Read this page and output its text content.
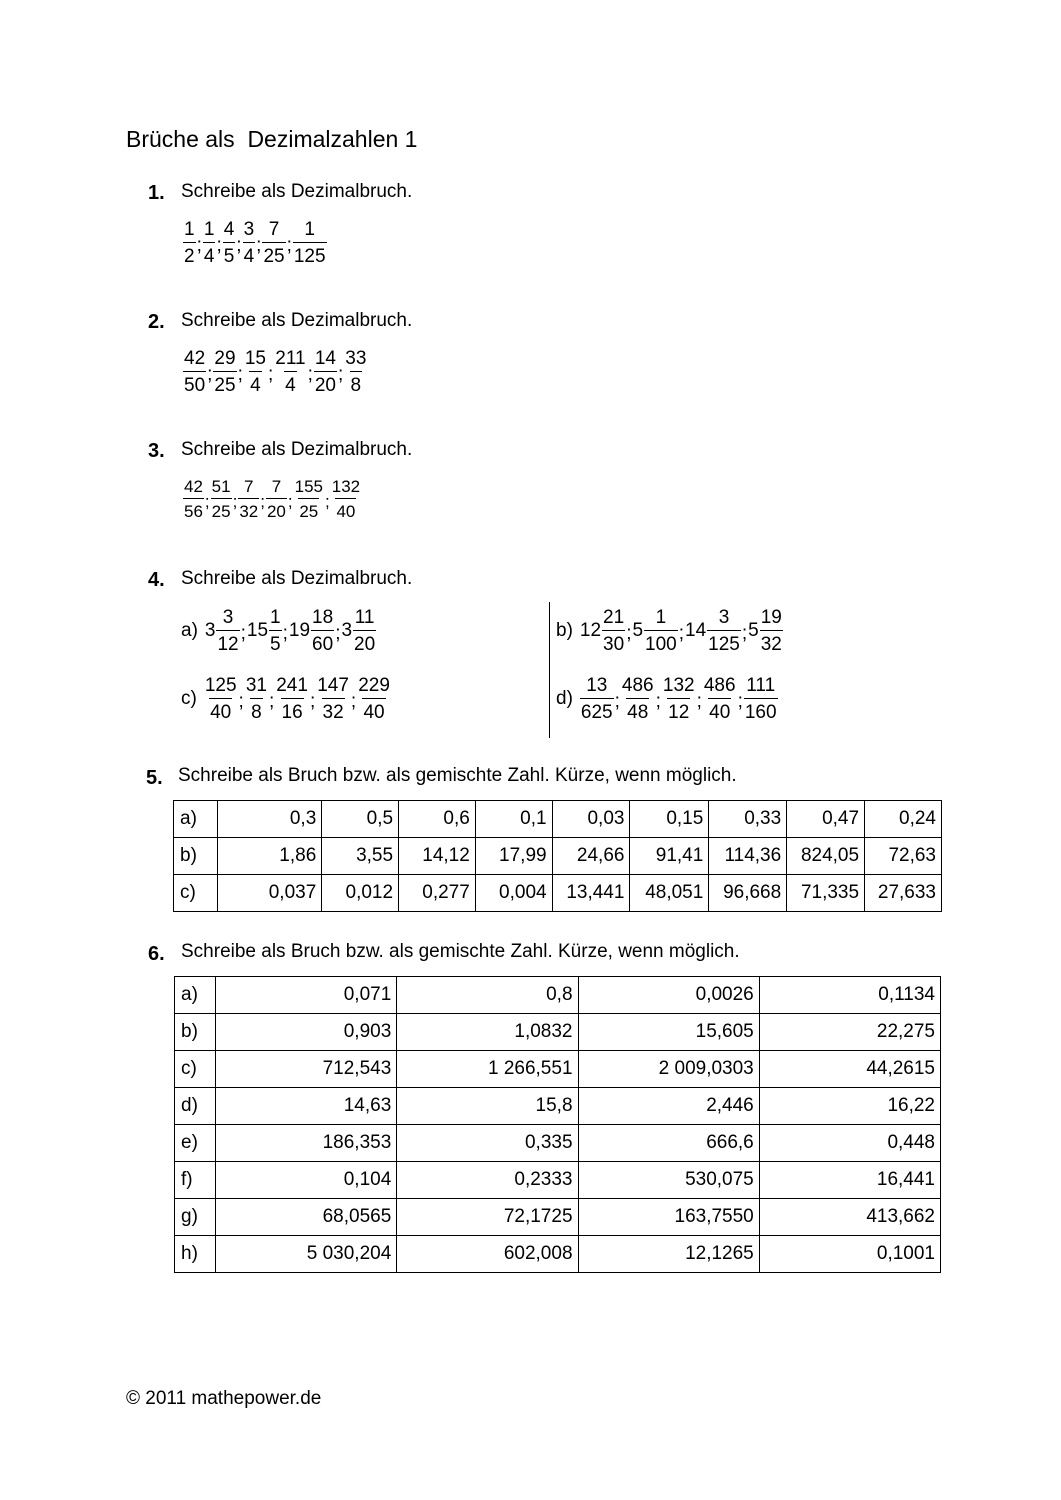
Brüche als  Dezimalzahlen 1
1. Schreibe als Dezimalbruch.
$\frac{1}{2}$ ; $\frac{1}{4}$ ; $\frac{4}{5}$ ; $\frac{3}{4}$ ; $\frac{7}{25}$ ; $\frac{1}{125}$
2. Schreibe als Dezimalbruch.
$\frac{42}{50}$ ; $\frac{29}{25}$ ; $\frac{15}{4}$ ; $\frac{211}{4}$ ; $\frac{14}{20}$ ; $\frac{33}{8}$
3. Schreibe als Dezimalbruch.
$\frac{42}{56}$ ; $\frac{51}{25}$ ; $\frac{7}{32}$ ; $\frac{7}{20}$ ; $\frac{155}{25}$ ; $\frac{132}{40}$
4. Schreibe als Dezimalbruch.
a) $3 \frac{3}{12}$ ; $15 \frac{1}{5}$ ; $19 \frac{18}{60}$ ; $3 \frac{11}{20}$	b) $12 \frac{21}{30}$ ; $5 \frac{1}{100}$ ; $14 \frac{3}{125}$ ; $5 \frac{19}{32}$
$c) \frac{125}{40}$ ; $\frac{31}{8}$ ; $\frac{241}{16}$ ; $\frac{147}{32}$ ; $\frac{229}{40}$	$d) \frac{13}{625}$ ; $\frac{486}{48}$ ; $\frac{132}{12}$ ; $\frac{486}{40}$ ; $\frac{111}{160}$
5. Schreibe als Bruch bzw. als gemischte Zahl. Kürze, wenn möglich.
a)	0,3	0,5	0,6	0,1	0,03	0,15	0,33	0,47	0,24
b)	1,86	3,55	14,12	17,99	24,66	91,41	114,36	824,05	72,63
c)	0,037	0,012	0,277	0,004	13,441	48,051	96,668	71,335	27,633
6. Schreibe als Bruch bzw. als gemischte Zahl. Kürze, wenn möglich.
a)	0,071	0,8	0,0026	0,1134
b)	0,903	1,0832	15,605	22,275
c)	712,543	1 266,551	2 009,0303	44,2615
d)	14,63	15,8	2,446	16,22
e)	186,353	0,335	666,6	0,448
f)	0,104	0,2333	530,075	16,441
g)	68,0565	72,1725	163,7550	413,662
h)	5 030,204	602,008	12,1265	0,1001
© 2011 mathepower.de
